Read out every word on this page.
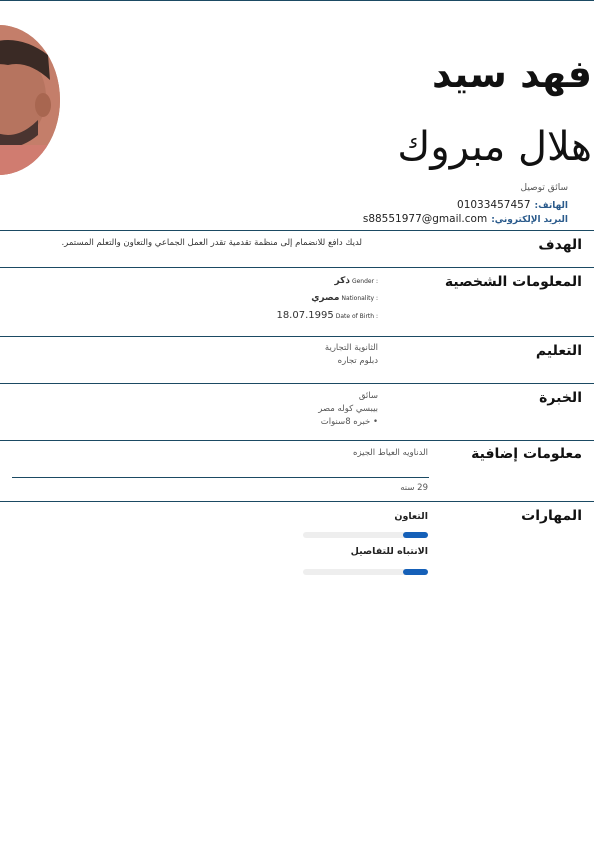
فهد سيد
هلال مبروك
سائق توصيل
الهاتف:
01033457457
البريد الإلكتروني:
s88551977@gmail.com
الهدف
لديك دافع للانضمام إلى منظمة تقدمية تقدر العمل الجماعي والتعاون والتعلم المستمر.
المعلومات الشخصية
Gender :
ذكر
Nationality :
مصري
Date of Birth :
18.07.1995
التعليم
الثانوية التجارية
دبلوم تجاره
الخبرة
سائق
بيبسي كوله مصر
• خبره 8سنوات
معلومات إضافية
الدناويه العياط الجيزه
29 سنه
المهارات
التعاون
الانتباه للتفاصيل
